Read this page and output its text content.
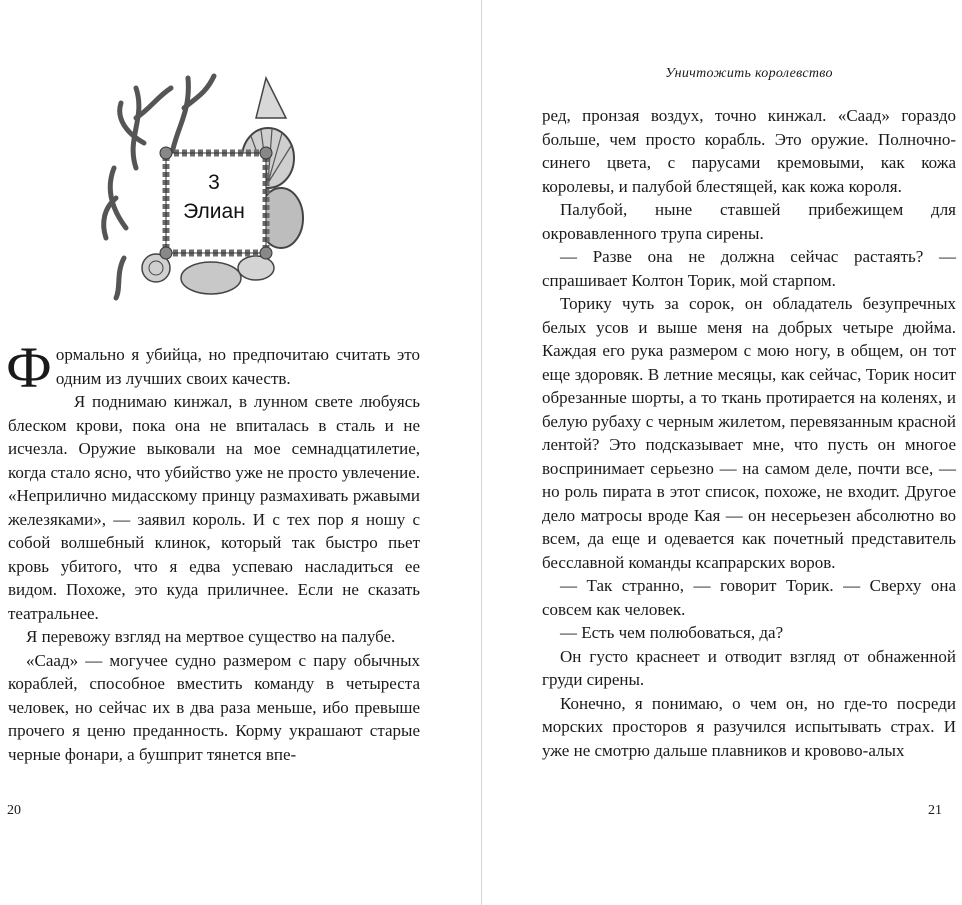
3
Элиан

Формально я убийца, но предпочитаю считать это одним из лучших своих качеств.

Я поднимаю кинжал, в лунном свете любуясь блеском крови, пока она не впиталась в сталь и не исчезла. Оружие выковали на мое семнадцатилетие, когда стало ясно, что убийство уже не просто увлечение. «Неприлично мидасскому принцу размахивать ржавыми железяками», — заявил король. И с тех пор я ношу с собой волшебный клинок, который так быстро пьет кровь убитого, что я едва успеваю насладиться ее видом. Похоже, это куда приличнее. Если не сказать театральнее.

Я перевожу взгляд на мертвое существо на палубе.

«Саад» — могучее судно размером с пару обычных кораблей, способное вместить команду в четыреста человек, но сейчас их в два раза меньше, ибо превыше прочего я ценю преданность. Корму украшают старые черные фонари, а бушприт тянется впе-

20
Уничтожить королевство

ред, пронзая воздух, точно кинжал. «Саад» гораздо больше, чем просто корабль. Это оружие. Полночно-синего цвета, с парусами кремовыми, как кожа королевы, и палубой блестящей, как кожа короля.

Палубой, ныне ставшей прибежищем для окровавленного трупа сирены.

— Разве она не должна сейчас растаять? — спрашивает Колтон Торик, мой старпом.

Торику чуть за сорок, он обладатель безупречных белых усов и выше меня на добрых четыре дюйма. Каждая его рука размером с мою ногу, в общем, он тот еще здоровяк. В летние месяцы, как сейчас, Торик носит обрезанные шорты, а то ткань протирается на коленях, и белую рубаху с черным жилетом, перевязанным красной лентой? Это подсказывает мне, что пусть он многое воспринимает серьезно — на самом деле, почти все, — но роль пирата в этот список, похоже, не входит. Другое дело матросы вроде Кая — он несерьезен абсолютно во всем, да еще и одевается как почетный представитель бесславной команды ксапрарских воров.

— Так странно, — говорит Торик. — Сверху она совсем как человек.

— Есть чем полюбоваться, да?

Он густо краснеет и отводит взгляд от обнаженной груди сирены.

Конечно, я понимаю, о чем он, но где-то посреди морских просторов я разучился испытывать страх. И уже не смотрю дальше плавников и крововo-алых

21
